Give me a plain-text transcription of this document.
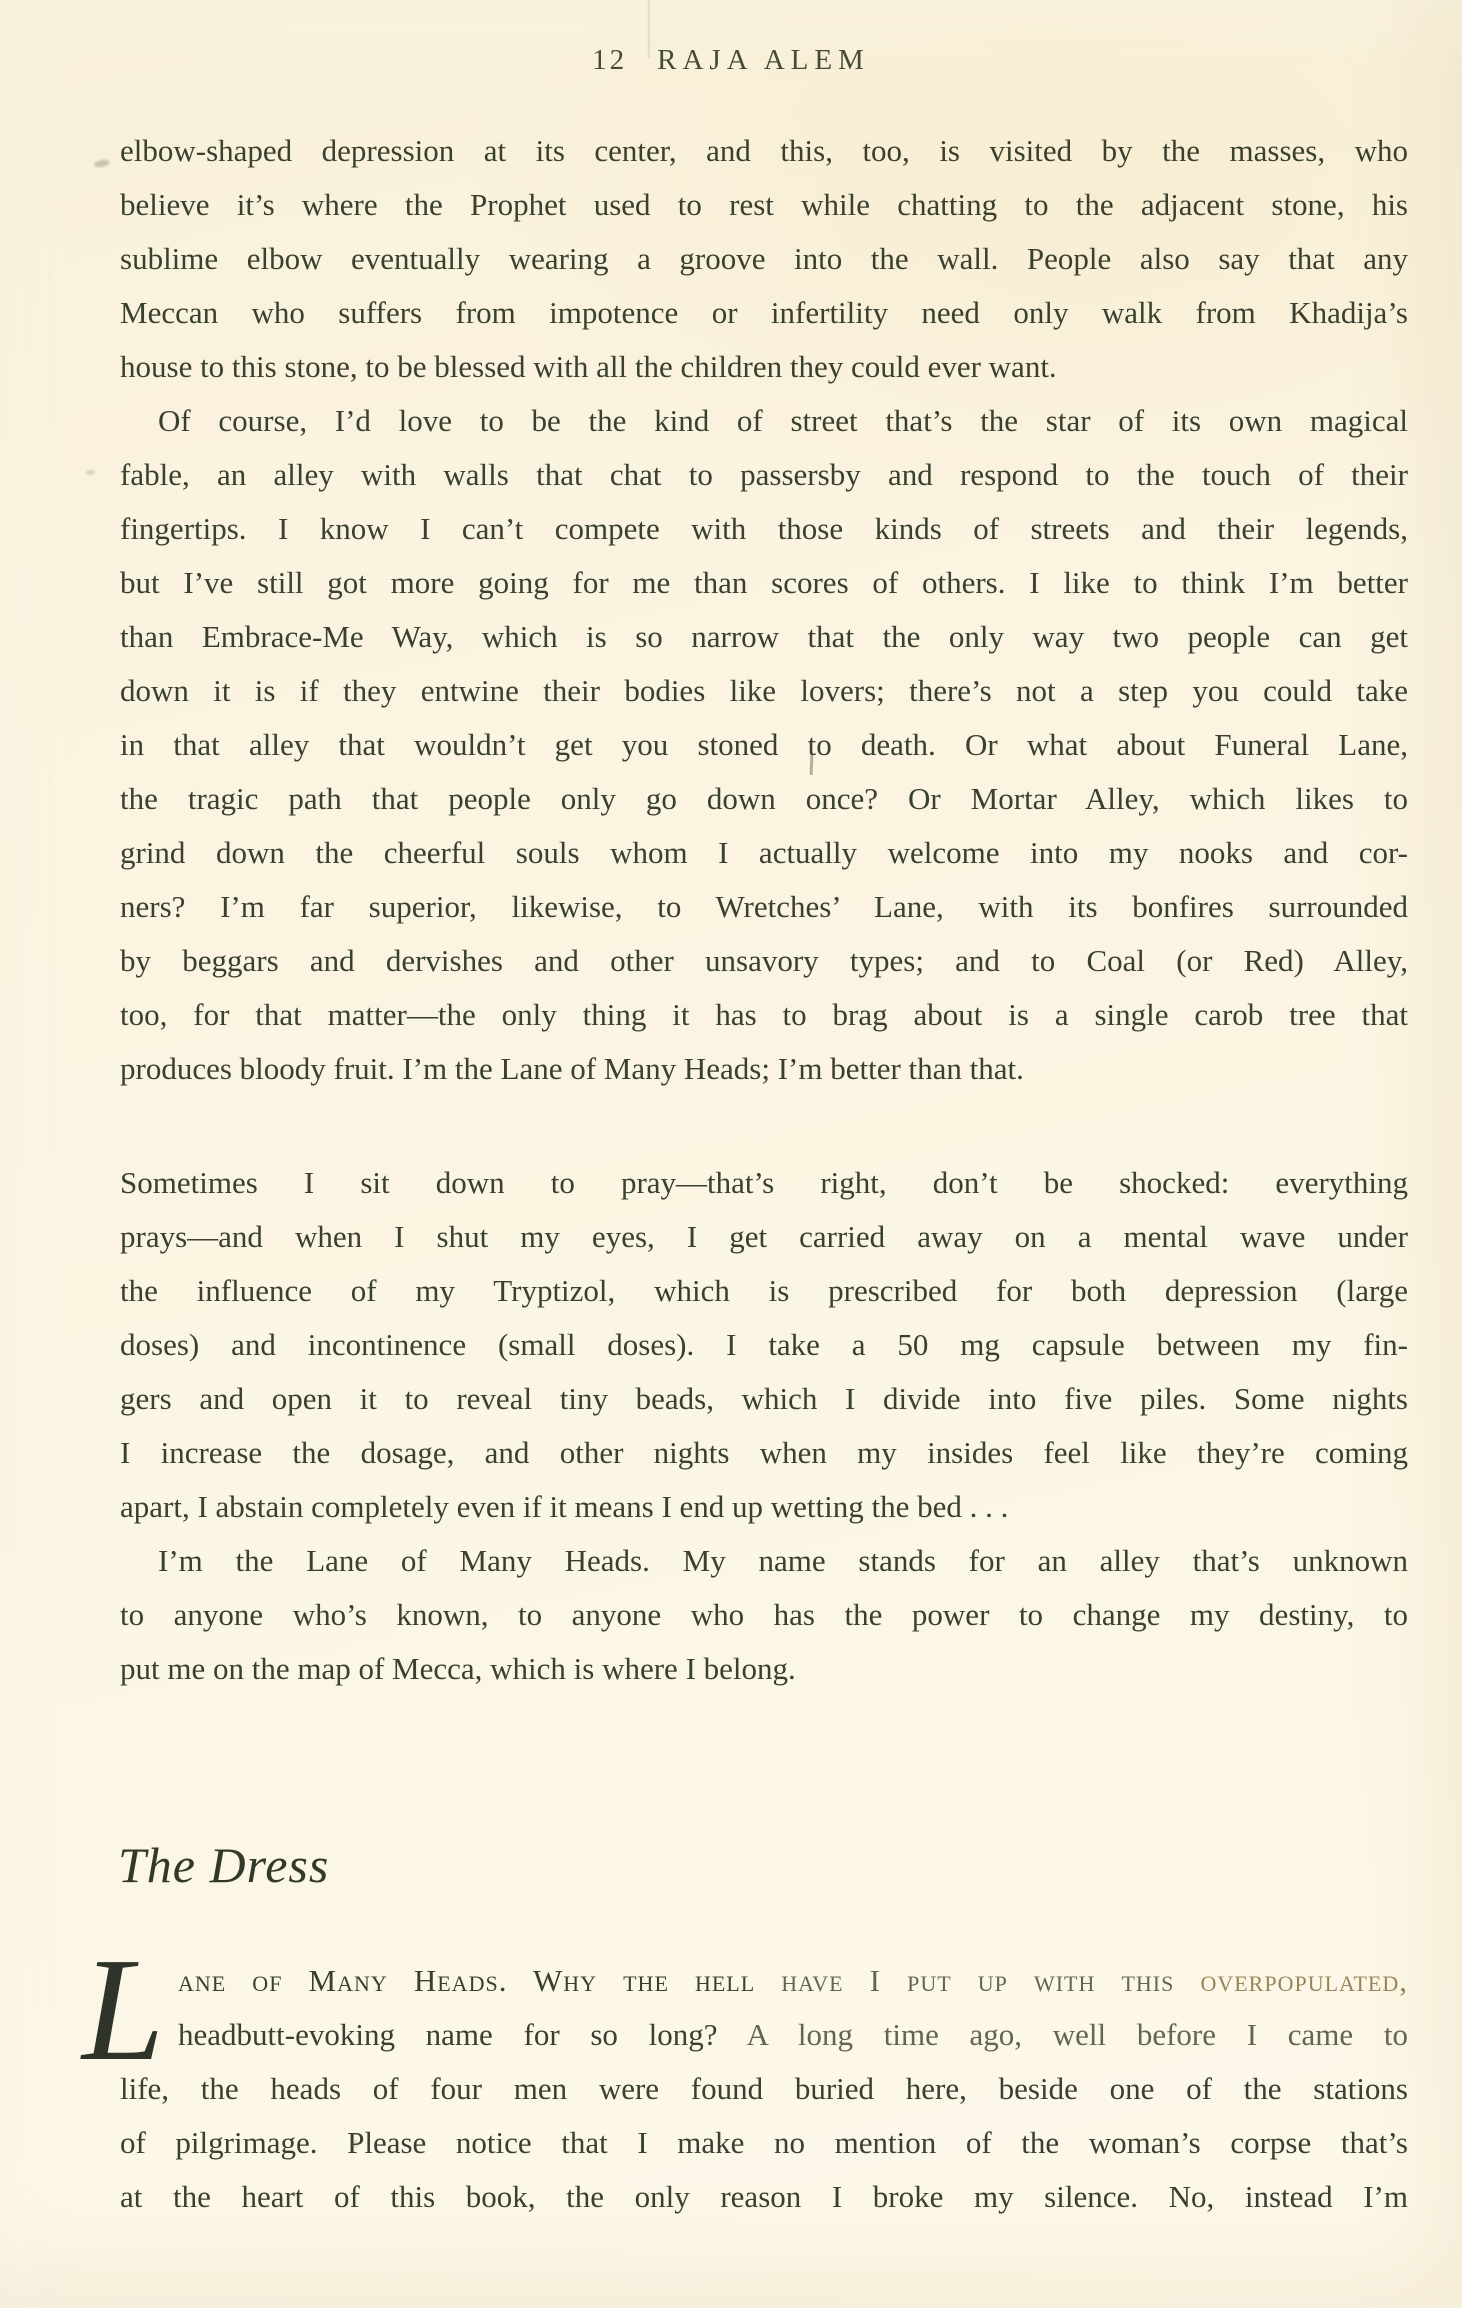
12 RAJA ALEM
elbow-shaped depression at its center, and this, too, is visited by the masses, who
believe it’s where the Prophet used to rest while chatting to the adjacent stone, his
sublime elbow eventually wearing a groove into the wall. People also say that any
Meccan who suffers from impotence or infertility need only walk from Khadija’s
house to this stone, to be blessed with all the children they could ever want.
Of course, I’d love to be the kind of street that’s the star of its own magical
fable, an alley with walls that chat to passersby and respond to the touch of their
fingertips. I know I can’t compete with those kinds of streets and their legends,
but I’ve still got more going for me than scores of others. I like to think I’m better
than Embrace-Me Way, which is so narrow that the only way two people can get
down it is if they entwine their bodies like lovers; there’s not a step you could take
in that alley that wouldn’t get you stoned to death. Or what about Funeral Lane,
the tragic path that people only go down once? Or Mortar Alley, which likes to
grind down the cheerful souls whom I actually welcome into my nooks and cor-
ners? I’m far superior, likewise, to Wretches’ Lane, with its bonfires surrounded
by beggars and dervishes and other unsavory types; and to Coal (or Red) Alley,
too, for that matter—the only thing it has to brag about is a single carob tree that
produces bloody fruit. I’m the Lane of Many Heads; I’m better than that.
Sometimes I sit down to pray—that’s right, don’t be shocked: everything
prays—and when I shut my eyes, I get carried away on a mental wave under
the influence of my Tryptizol, which is prescribed for both depression (large
doses) and incontinence (small doses). I take a 50 mg capsule between my fin-
gers and open it to reveal tiny beads, which I divide into five piles. Some nights
I increase the dosage, and other nights when my insides feel like they’re coming
apart, I abstain completely even if it means I end up wetting the bed . . .
I’m the Lane of Many Heads. My name stands for an alley that’s unknown
to anyone who’s known, to anyone who has the power to change my destiny, to
put me on the map of Mecca, which is where I belong.
The Dress
L ane of Many Heads. Why the hell have I put up with this overpopulated,
headbutt-evoking name for so long? A long time ago, well before I came to
life, the heads of four men were found buried here, beside one of the stations
of pilgrimage. Please notice that I make no mention of the woman’s corpse that’s
at the heart of this book, the only reason I broke my silence. No, instead I’m
